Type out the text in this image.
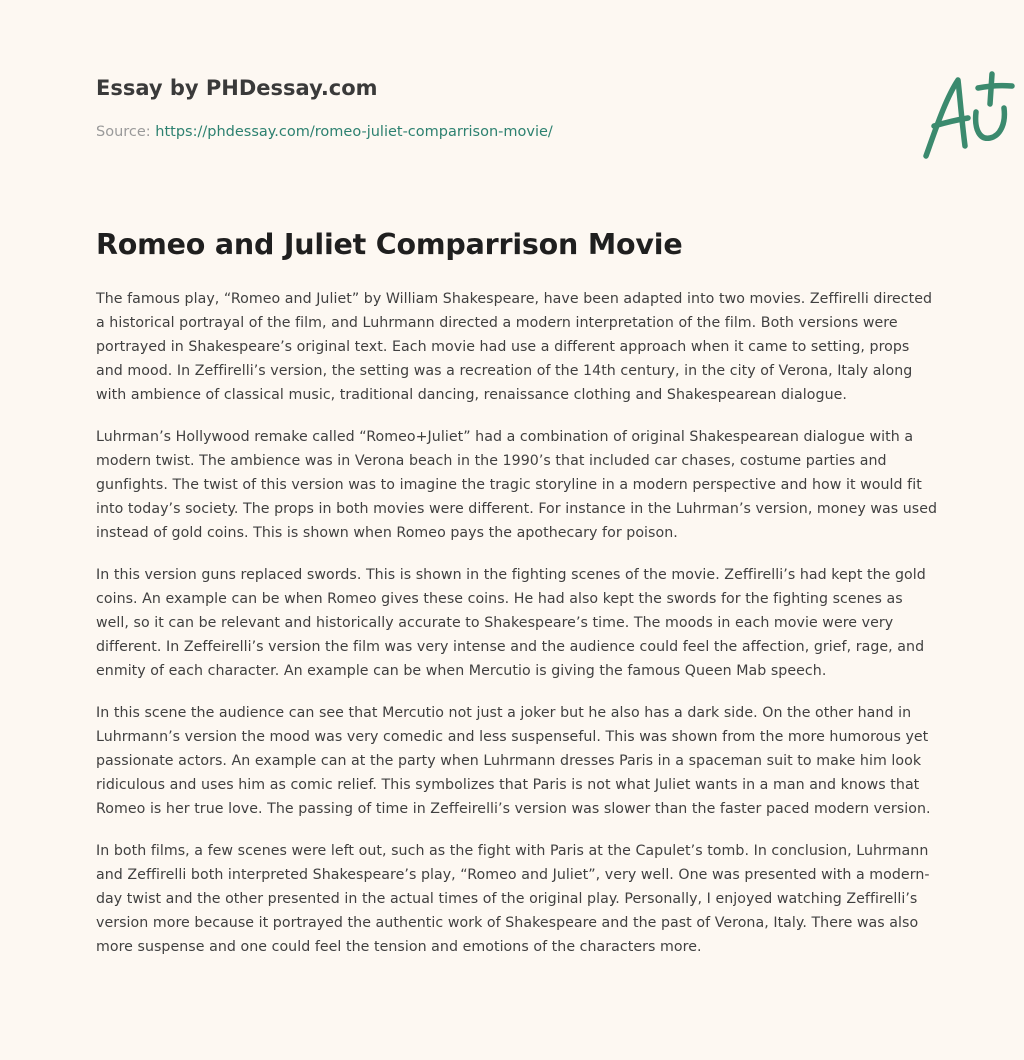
Essay by PHDessay.com
Source: https://phdessay.com/romeo-juliet-comparrison-movie/
Romeo and Juliet Comparrison Movie

The famous play, “Romeo and Juliet” by William Shakespeare, have been adapted into two movies. Zeffirelli directed a historical portrayal of the film, and Luhrmann directed a modern interpretation of the film. Both versions were portrayed in Shakespeare’s original text. Each movie had use a different approach when it came to setting, props and mood. In Zeffirelli’s version, the setting was a recreation of the 14th century, in the city of Verona, Italy along with ambience of classical music, traditional dancing, renaissance clothing and Shakespearean dialogue.

Luhrman’s Hollywood remake called “Romeo+Juliet” had a combination of original Shakespearean dialogue with a modern twist. The ambience was in Verona beach in the 1990’s that included car chases, costume parties and gunfights. The twist of this version was to imagine the tragic storyline in a modern perspective and how it would fit into today’s society. The props in both movies were different. For instance in the Luhrman’s version, money was used instead of gold coins. This is shown when Romeo pays the apothecary for poison.

In this version guns replaced swords. This is shown in the fighting scenes of the movie. Zeffirelli’s had kept the gold coins. An example can be when Romeo gives these coins. He had also kept the swords for the fighting scenes as well, so it can be relevant and historically accurate to Shakespeare’s time. The moods in each movie were very different. In Zeffeirelli’s version the film was very intense and the audience could feel the affection, grief, rage, and enmity of each character. An example can be when Mercutio is giving the famous Queen Mab speech.

In this scene the audience can see that Mercutio not just a joker but he also has a dark side. On the other hand in Luhrmann’s version the mood was very comedic and less suspenseful. This was shown from the more humorous yet passionate actors. An example can at the party when Luhrmann dresses Paris in a spaceman suit to make him look ridiculous and uses him as comic relief. This symbolizes that Paris is not what Juliet wants in a man and knows that Romeo is her true love. The passing of time in Zeffeirelli’s version was slower than the faster paced modern version.

In both films, a few scenes were left out, such as the fight with Paris at the Capulet’s tomb. In conclusion, Luhrmann and Zeffirelli both interpreted Shakespeare’s play, “Romeo and Juliet”, very well. One was presented with a modern-day twist and the other presented in the actual times of the original play. Personally, I enjoyed watching Zeffirelli’s version more because it portrayed the authentic work of Shakespeare and the past of Verona, Italy. There was also more suspense and one could feel the tension and emotions of the characters more.
